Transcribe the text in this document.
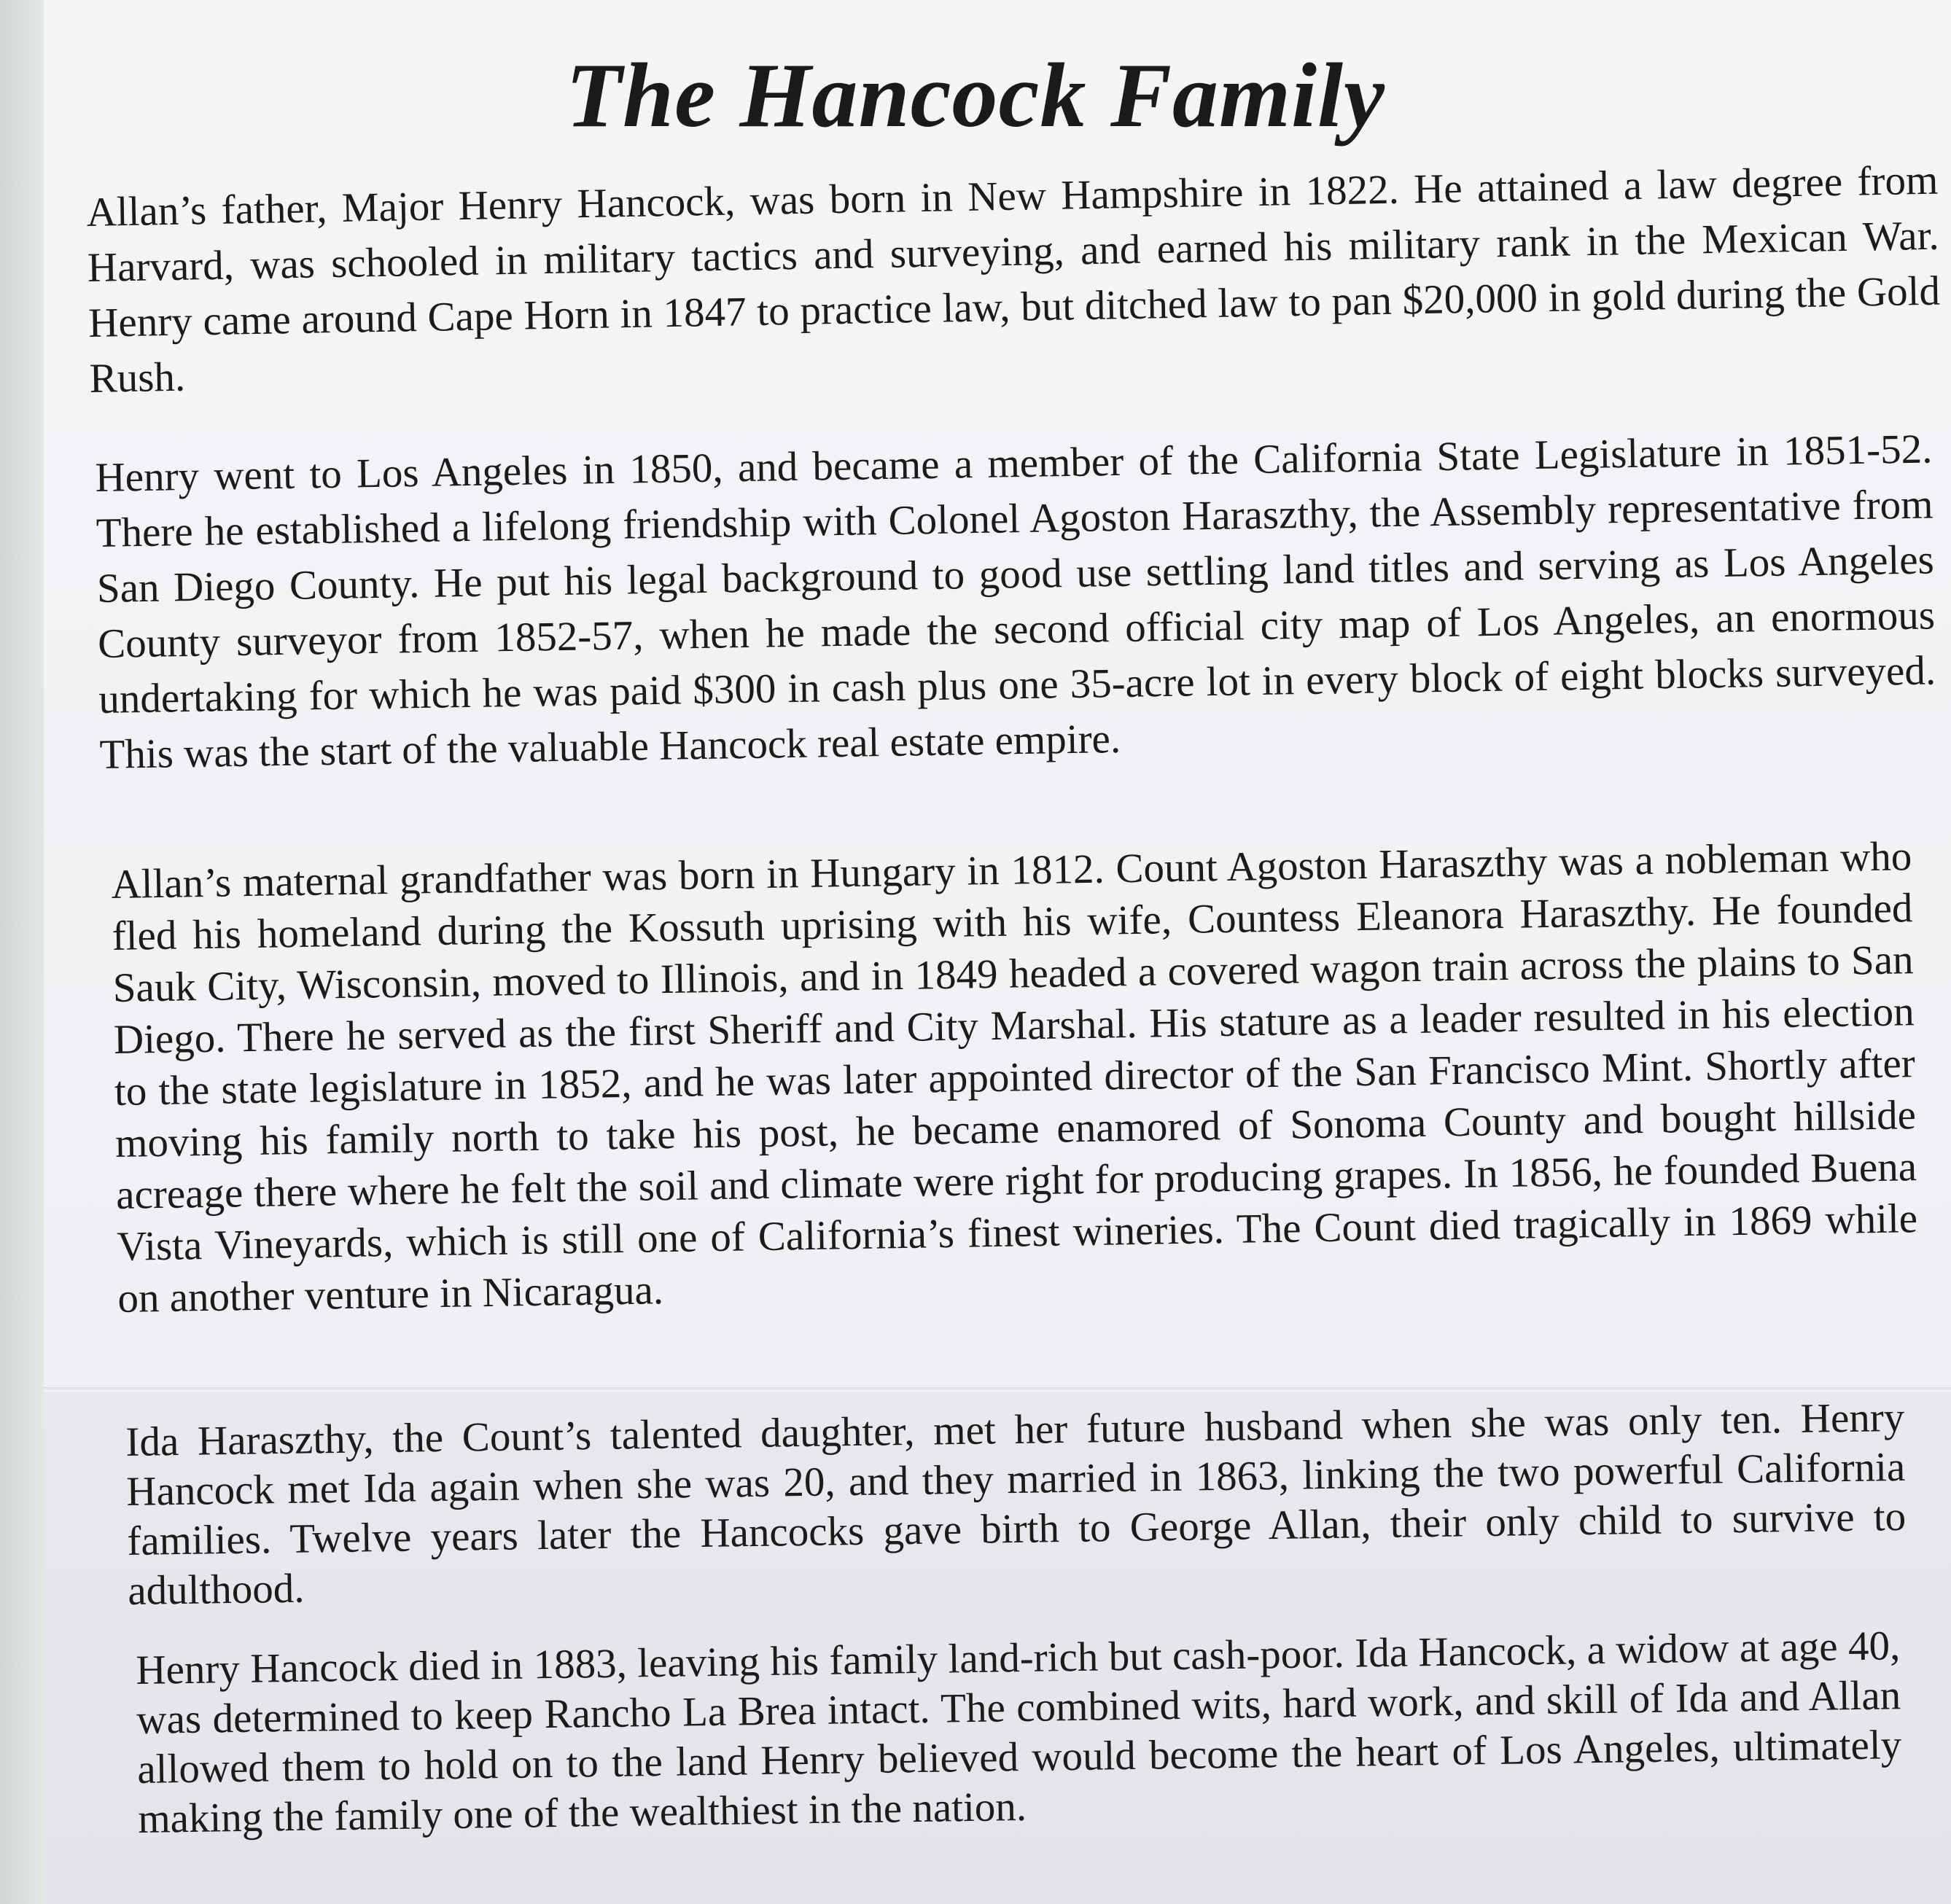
The Hancock Family

Allan’s father, Major Henry Hancock, was born in New Hampshire in 1822. He attained a law degree from Harvard, was schooled in military tactics and surveying, and earned his military rank in the Mexican War. Henry came around Cape Horn in 1847 to practice law, but ditched law to pan $20,000 in gold during the Gold Rush.

Henry went to Los Angeles in 1850, and became a member of the California State Legislature in 1851-52. There he established a lifelong friendship with Colonel Agoston Haraszthy, the Assembly representative from San Diego County. He put his legal background to good use settling land titles and serving as Los Angeles County surveyor from 1852-57, when he made the second official city map of Los Angeles, an enormous undertaking for which he was paid $300 in cash plus one 35-acre lot in every block of eight blocks surveyed. This was the start of the valuable Hancock real estate empire.

Allan’s maternal grandfather was born in Hungary in 1812. Count Agoston Haraszthy was a nobleman who fled his homeland during the Kossuth uprising with his wife, Countess Eleanora Haraszthy. He founded Sauk City, Wisconsin, moved to Illinois, and in 1849 headed a covered wagon train across the plains to San Diego. There he served as the first Sheriff and City Marshal. His stature as a leader resulted in his election to the state legislature in 1852, and he was later appointed director of the San Francisco Mint. Shortly after moving his family north to take his post, he became enamored of Sonoma County and bought hillside acreage there where he felt the soil and climate were right for producing grapes. In 1856, he founded Buena Vista Vineyards, which is still one of California’s finest wineries. The Count died tragically in 1869 while on another venture in Nicaragua.

Ida Haraszthy, the Count’s talented daughter, met her future husband when she was only ten. Henry Hancock met Ida again when she was 20, and they married in 1863, linking the two powerful California families. Twelve years later the Hancocks gave birth to George Allan, their only child to survive to adulthood.

Henry Hancock died in 1883, leaving his family land-rich but cash-poor. Ida Hancock, a widow at age 40, was determined to keep Rancho La Brea intact. The combined wits, hard work, and skill of Ida and Allan allowed them to hold on to the land Henry believed would become the heart of Los Angeles, ultimately making the family one of the wealthiest in the nation.
